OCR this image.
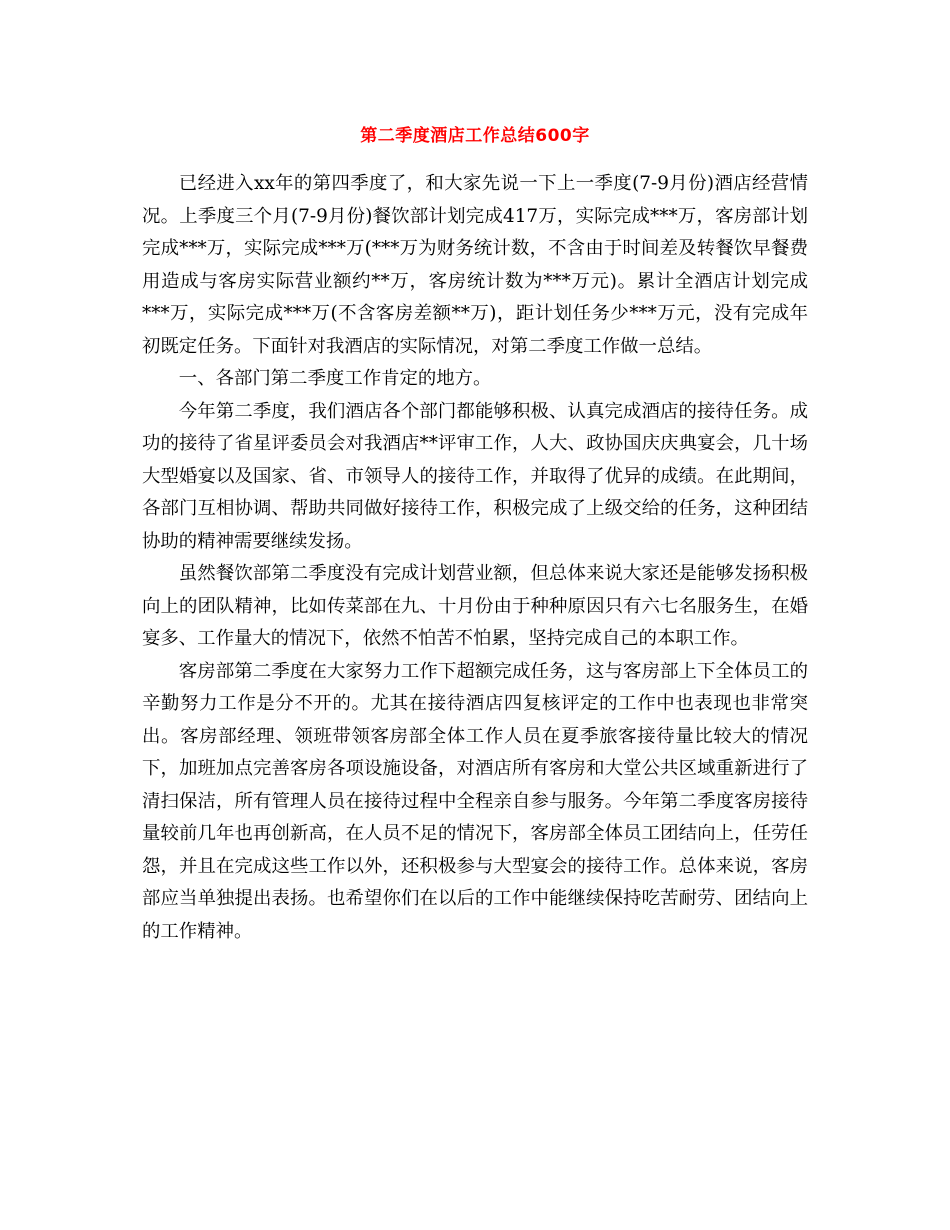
第二季度酒店工作总结600字

已经进入xx年的第四季度了，和大家先说一下上一季度(7-9月份)酒店经营情况。上季度三个月(7-9月份)餐饮部计划完成417万，实际完成***万，客房部计划完成***万，实际完成***万(***万为财务统计数，不含由于时间差及转餐饮早餐费用造成与客房实际营业额约**万，客房统计数为***万元)。累计全酒店计划完成***万，实际完成***万(不含客房差额**万)，距计划任务少***万元，没有完成年初既定任务。下面针对我酒店的实际情况，对第二季度工作做一总结。

一、各部门第二季度工作肯定的地方。

今年第二季度，我们酒店各个部门都能够积极、认真完成酒店的接待任务。成功的接待了省星评委员会对我酒店**评审工作，人大、政协国庆庆典宴会，几十场大型婚宴以及国家、省、市领导人的接待工作，并取得了优异的成绩。在此期间，各部门互相协调、帮助共同做好接待工作，积极完成了上级交给的任务，这种团结协助的精神需要继续发扬。

虽然餐饮部第二季度没有完成计划营业额，但总体来说大家还是能够发扬积极向上的团队精神，比如传菜部在九、十月份由于种种原因只有六七名服务生，在婚宴多、工作量大的情况下，依然不怕苦不怕累，坚持完成自己的本职工作。

客房部第二季度在大家努力工作下超额完成任务，这与客房部上下全体员工的辛勤努力工作是分不开的。尤其在接待酒店四复核评定的工作中也表现也非常突出。客房部经理、领班带领客房部全体工作人员在夏季旅客接待量比较大的情况下，加班加点完善客房各项设施设备，对酒店所有客房和大堂公共区域重新进行了清扫保洁，所有管理人员在接待过程中全程亲自参与服务。今年第二季度客房接待量较前几年也再创新高，在人员不足的情况下，客房部全体员工团结向上，任劳任怨，并且在完成这些工作以外，还积极参与大型宴会的接待工作。总体来说，客房部应当单独提出表扬。也希望你们在以后的工作中能继续保持吃苦耐劳、团结向上的工作精神。
